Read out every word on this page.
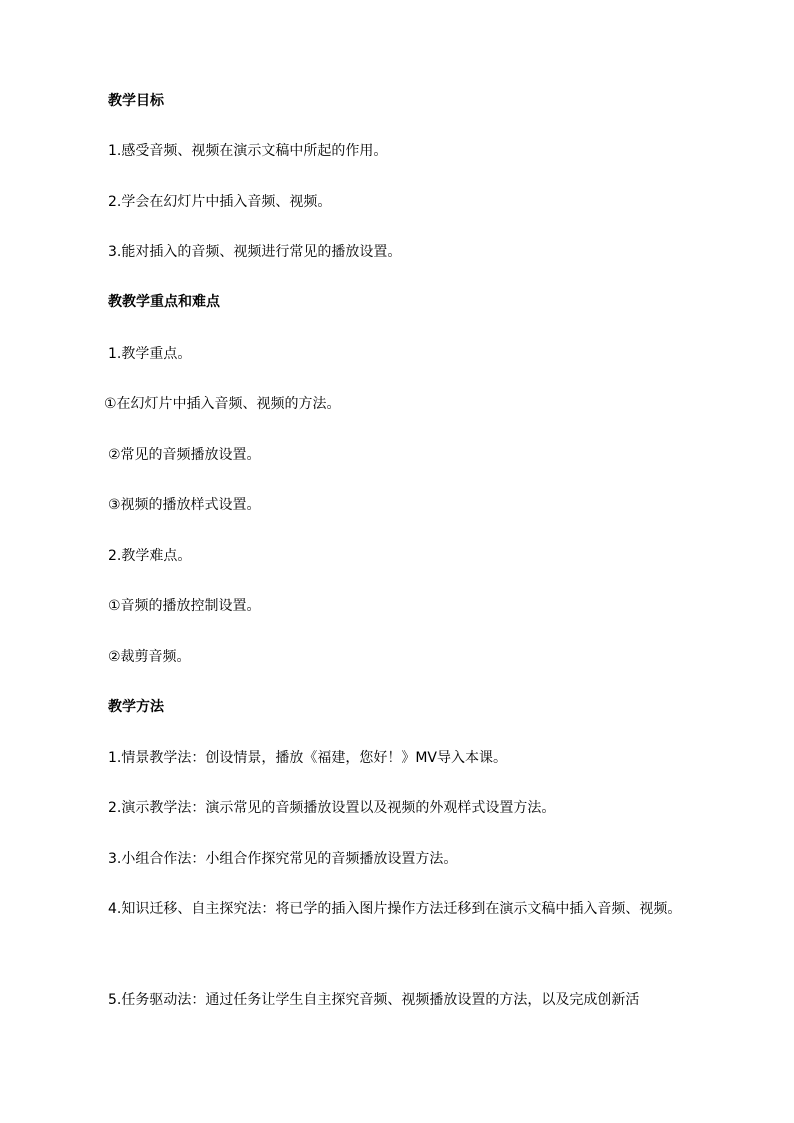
教学目标
1.感受音频、视频在演示文稿中所起的作用。
2.学会在幻灯片中插入音频、视频。
3.能对插入的音频、视频进行常见的播放设置。
教教学重点和难点
1.教学重点。
①在幻灯片中插入音频、视频的方法。
②常见的音频播放设置。
③视频的播放样式设置。
2.教学难点。
①音频的播放控制设置。
②裁剪音频。
教学方法
1.情景教学法：创设情景，播放《福建，您好！》MV导入本课。
2.演示教学法：演示常见的音频播放设置以及视频的外观样式设置方法。
3.小组合作法：小组合作探究常见的音频播放设置方法。
4.知识迁移、自主探究法：将已学的插入图片操作方法迁移到在演示文稿中插入音频、视频。
5.任务驱动法：通过任务让学生自主探究音频、视频播放设置的方法，以及完成创新活
